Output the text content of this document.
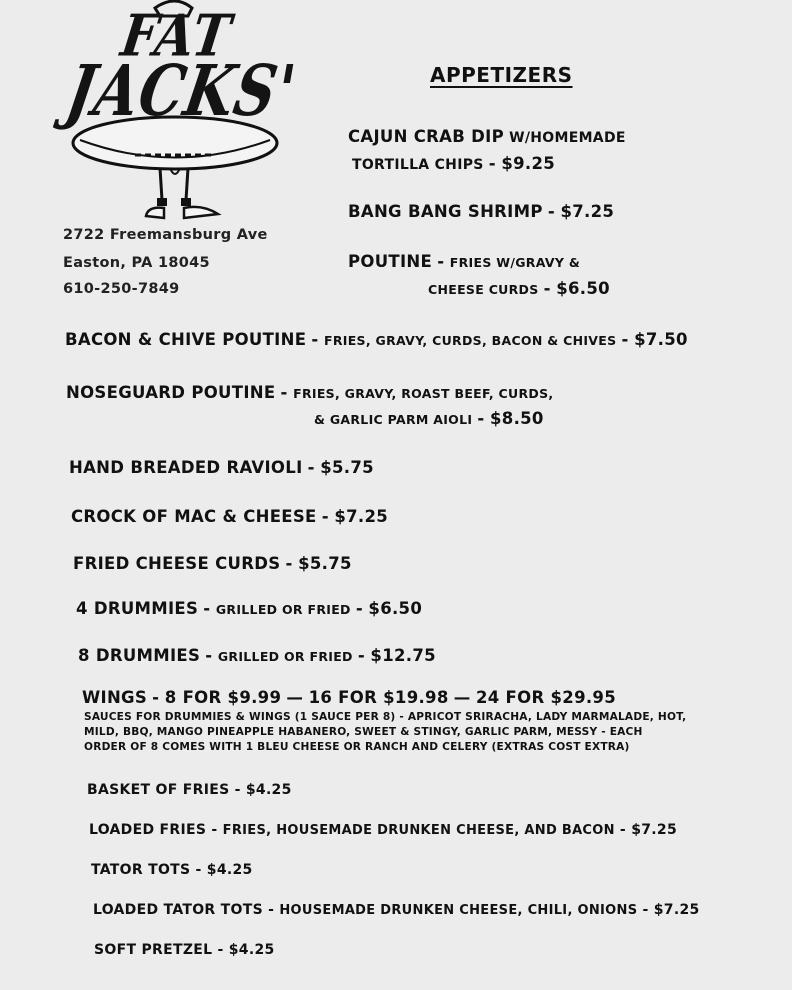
FAT
JACKS'
2722 Freemansburg Ave
Easton, PA 18045
610-250-7849
APPETIZERS
CAJUN CRAB DIP W/HOMEMADE
TORTILLA CHIPS - $9.25
BANG BANG SHRIMP - $7.25
POUTINE - FRIES W/GRAVY &
CHEESE CURDS - $6.50
BACON & CHIVE POUTINE - FRIES, GRAVY, CURDS, BACON & CHIVES - $7.50
NOSEGUARD POUTINE - FRIES, GRAVY, ROAST BEEF, CURDS,
& GARLIC PARM AIOLI - $8.50
HAND BREADED RAVIOLI - $5.75
CROCK OF MAC & CHEESE - $7.25
FRIED CHEESE CURDS - $5.75
4 DRUMMIES - GRILLED OR FRIED - $6.50
8 DRUMMIES - GRILLED OR FRIED - $12.75
WINGS - 8 FOR $9.99 — 16 FOR $19.98 — 24 FOR $29.95
SAUCES FOR DRUMMIES & WINGS (1 SAUCE PER 8) - APRICOT SRIRACHA, LADY MARMALADE, HOT,
MILD, BBQ, MANGO PINEAPPLE HABANERO, SWEET & STINGY, GARLIC PARM, MESSY - EACH
ORDER OF 8 COMES WITH 1 BLEU CHEESE OR RANCH AND CELERY (EXTRAS COST EXTRA)
BASKET OF FRIES - $4.25
LOADED FRIES - FRIES, HOUSEMADE DRUNKEN CHEESE, AND BACON - $7.25
TATOR TOTS - $4.25
LOADED TATOR TOTS - HOUSEMADE DRUNKEN CHEESE, CHILI, ONIONS - $7.25
SOFT PRETZEL - $4.25
